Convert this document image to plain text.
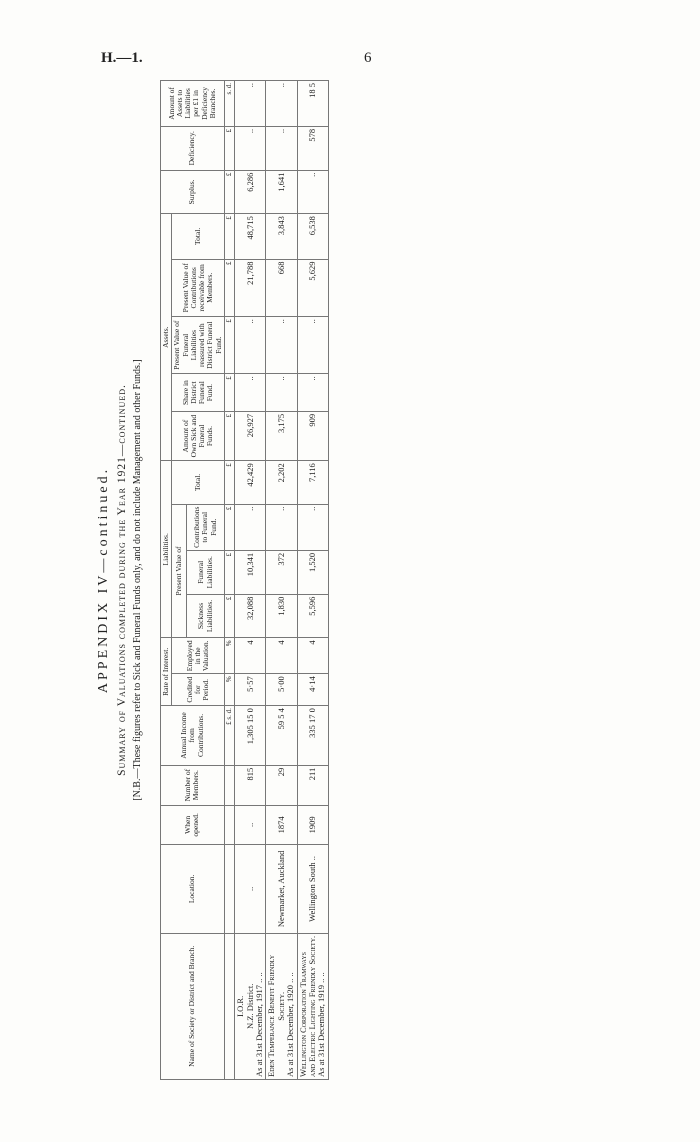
H.—1.	6
APPENDIX IV—continued. Summary of Valuations completed during the Year 1921—continued. [N.B.—These figures refer to Sick and Funeral Funds only, and do not include Management and other Funds.]
Name of Society or District and Branch.	Location.	When opened.	Number of Members.	Annual Income from Contributions.	Rate of Interest.		Liabilities.				Assets.					Surplus.	Deficiency.	Amount of Assets to Liabilities per £1 in Deficiency Branches.
					Credited for Period.	Employed in the Valuation.	Present Value of			Total.	Amount of Own Sick and Funeral Funds.	Share in District Funeral Fund.	Present Value of Funeral Liabilities reassured with District Funeral Fund.	Present Value of Contributions receivable from Members.	Total.			
							Sickness Liabilities.	Funeral Liabilities.	Contributions to Funeral Fund.									
				£ s. d.	%	%	£	£	£	£	£	£	£	£	£	£	£	s. d.

I.O.R. N.Z. District. As at 31st December, 1917 .. ..	..	..	815	1,305 15 0	5·57	4	32,088	10,341	..	42,429	26,927	..	..	21,788	48,715	6,286	..	..

Eden Temperance Benefit Friendly Society. As at 31st December, 1920 .. ..	Newmarket, Auckland	1874	29	59 5 4	5·00	4	1,830	372	..	2,202	3,175	..	..	668	3,843	1,641	..	..

Wellington Corporation Tramways and Electric Lighting Friendly Society. As at 31st December, 1919 .. ..	Wellington South ..	1909	211	335 17 0	4·14	4	5,596	1,520	..	7,116	909	..	..	5,629	6,538	..	578	18 5
